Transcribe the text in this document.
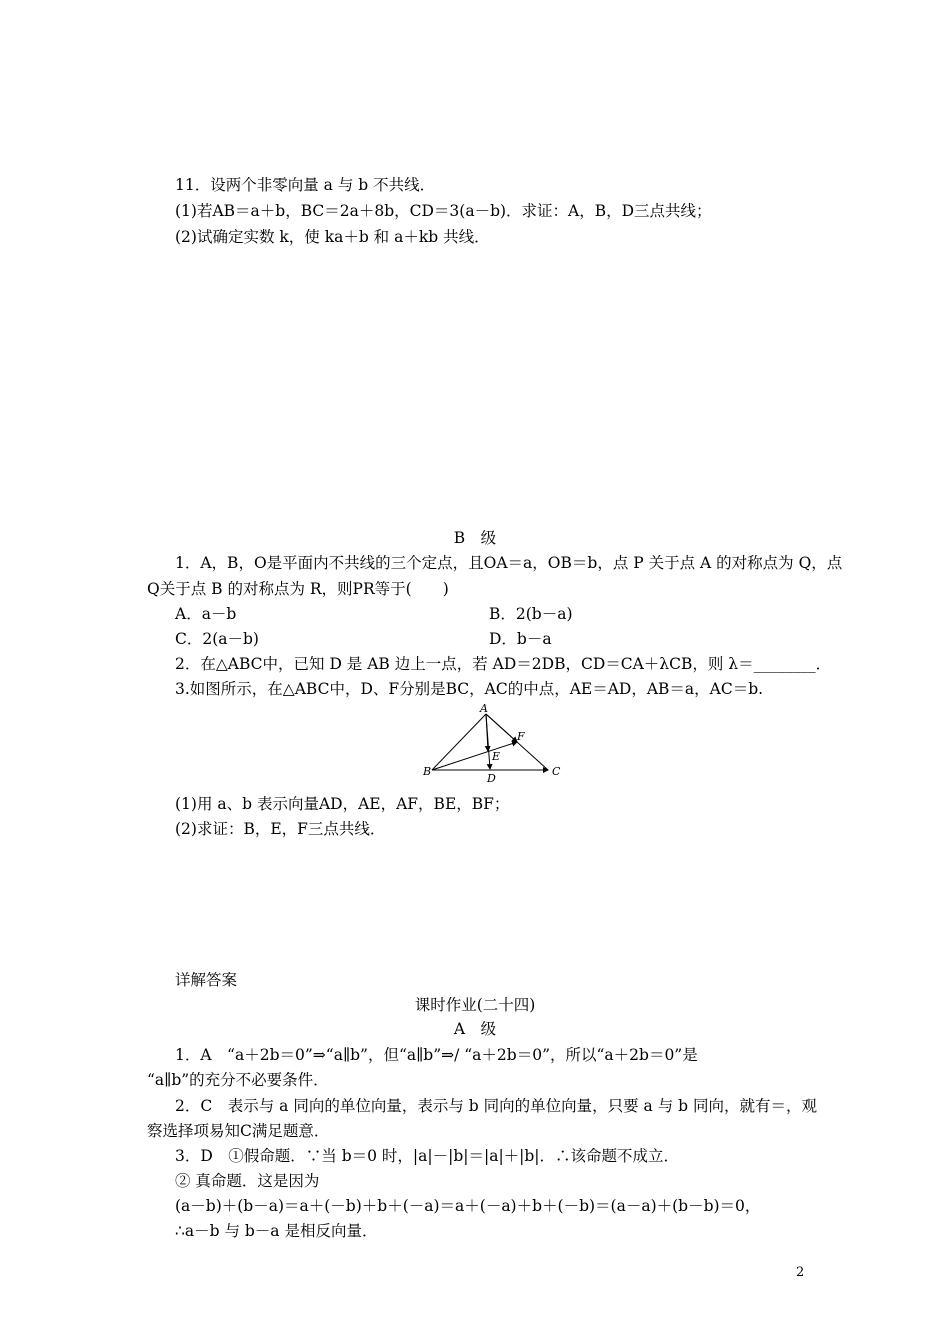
11．设两个非零向量 a 与 b 不共线．
(1)若AB＝a＋b，BC＝2a＋8b，CD＝3(a－b)．求证：A，B，D三点共线；
(2)试确定实数 k，使 ka＋b 和 a＋kb 共线．
B　级
1．A，B，O是平面内不共线的三个定点，且OA＝a，OB＝b，点 P 关于点 A 的对称点为 Q，点
Q关于点 B 的对称点为 R，则PR等于(　　)
A．a－b	B．2(b－a)
C．2(a－b)	D．b－a
2．在△ABC中，已知 D 是 AB 边上一点，若 AD＝2DB，CD＝CA＋λCB，则 λ＝________．
3.如图所示，在△ABC中，D、F分别是BC，AC的中点，AE＝AD，AB＝a，AC＝b.
A
B	C
D
E
F
(1)用 a、b 表示向量AD，AE，AF，BE，BF；
(2)求证：B，E，F三点共线．
详解答案
课时作业(二十四)
A　级
1．A　“a＋2b＝0”⇒“a∥b”，但“a∥b”⇒/ “a＋2b＝0”，所以“a＋2b＝0”是
“a∥b”的充分不必要条件．
2．C　表示与 a 同向的单位向量，表示与 b 同向的单位向量，只要 a 与 b 同向，就有＝，观
察选择项易知C满足题意．
3．D　①假命题．∵当 b＝0 时，|a|－|b|＝|a|＋|b|．∴该命题不成立．
② 真命题．这是因为
(a－b)＋(b－a)＝a＋(－b)＋b＋(－a)＝a＋(－a)＋b＋(－b)＝(a－a)＋(b－b)＝0，
∴a－b 与 b－a 是相反向量．
2
